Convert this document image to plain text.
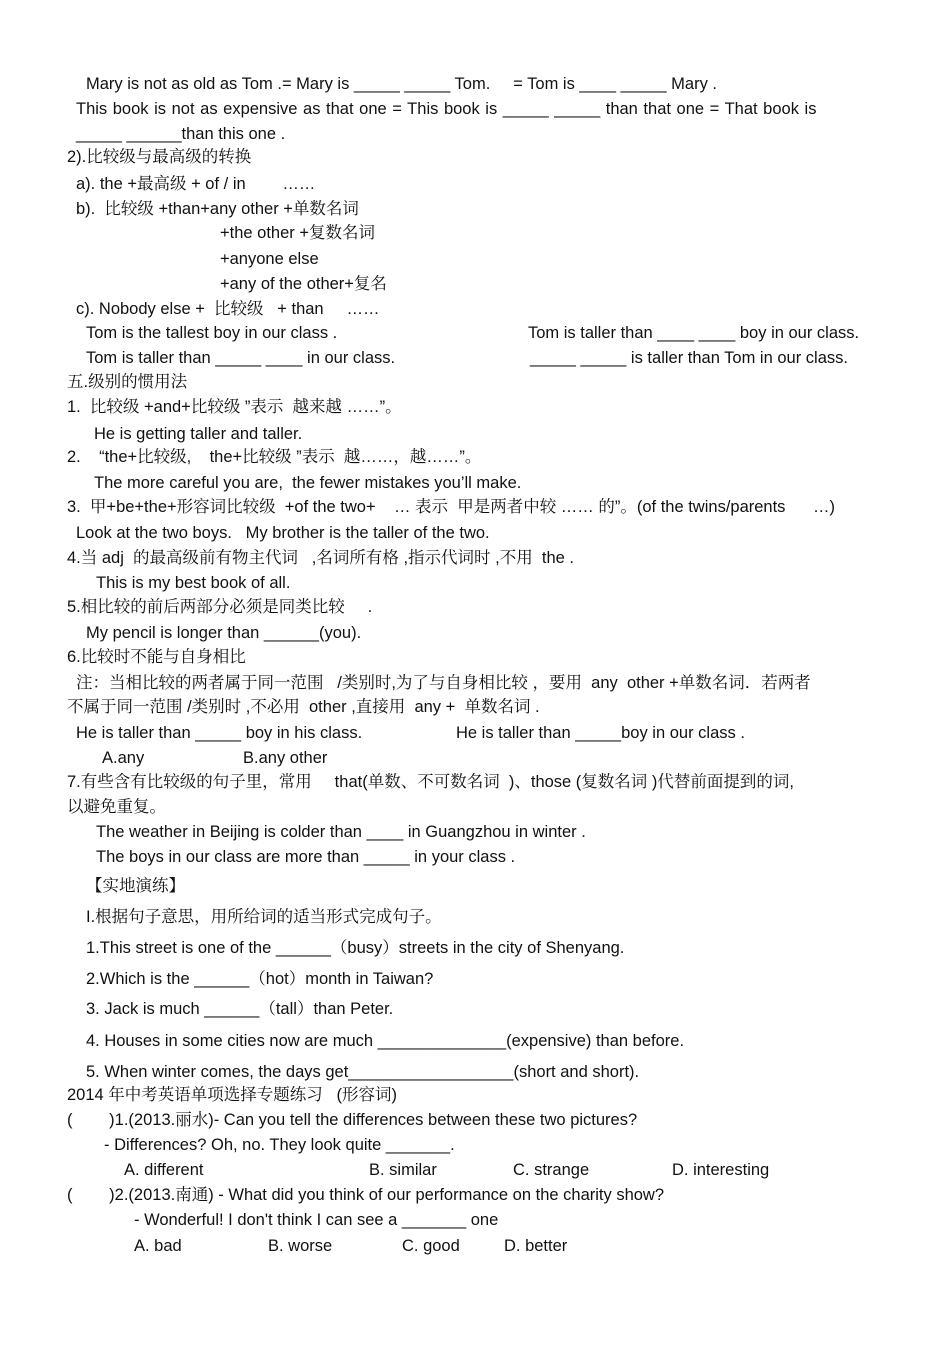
Mary is not as old as Tom .= Mary is _____ _____ Tom.     = Tom is ____ _____ Mary .
This book is not as expensive as that one = This book is _____ _____ than that one = That book is
_____ ______than this one .
2).比较级与最高级的转换
a). the +最高级 + of / in        ……
b).  比较级 +than+any other +单数名词
+the other +复数名词
+anyone else
+any of the other+复名
c). Nobody else +  比较级   + than     ……
Tom is the tallest boy in our class .	Tom is taller than ____ ____ boy in our class.
Tom is taller than _____ ____ in our class.	_____ _____ is taller than Tom in our class.
五.级别的惯用法
1.  比较级 +and+比较级 ”表示  越来越 ……”。
He is getting taller and taller.
2.    “the+比较级,    the+比较级 ”表示  越……，越……”。
The more careful you are,  the fewer mistakes you’ll make.
3.  甲+be+the+形容词比较级  +of the two+    … 表示  甲是两者中较 …… 的”。(of the twins/parents      …)
Look at the two boys.   My brother is the taller of the two.
4.当 adj  的最高级前有物主代词   ,名词所有格 ,指示代词时 ,不用  the .
This is my best book of all.
5.相比较的前后两部分必须是同类比较     .
My pencil is longer than ______(you).
6.比较时不能与自身相比
注：当相比较的两者属于同一范围   /类别时,为了与自身相比较 ，要用  any  other +单数名词．若两者
不属于同一范围 /类别时 ,不必用  other ,直接用  any +  单数名词 .
He is taller than _____ boy in his class.	He is taller than _____boy in our class .
A.any	B.any other
7.有些含有比较级的句子里，常用     that(单数、不可数名词  )、those (复数名词 )代替前面提到的词,
以避免重复。
The weather in Beijing is colder than ____ in Guangzhou in winter .
The boys in our class are more than _____ in your class .
【实地演练】
I.根据句子意思，用所给词的适当形式完成句子。
1.This street is one of the ______（busy）streets in the city of Shenyang.
2.Which is the ______（hot）month in Taiwan?
3. Jack is much ______（tall）than Peter.
4. Houses in some cities now are much ______________(expensive) than before.
5. When winter comes, the days get__________________(short and short).
2014 年中考英语单项选择专题练习   (形容词)
(        )1.(2013.丽水)- Can you tell the differences between these two pictures?
- Differences? Oh, no. They look quite _______.
A. different	B. similar	C. strange	D. interesting
(        )2.(2013.南通) - What did you think of our performance on the charity show?
- Wonderful! I don't think I can see a _______ one
A. bad	B. worse	C. good	D. better
